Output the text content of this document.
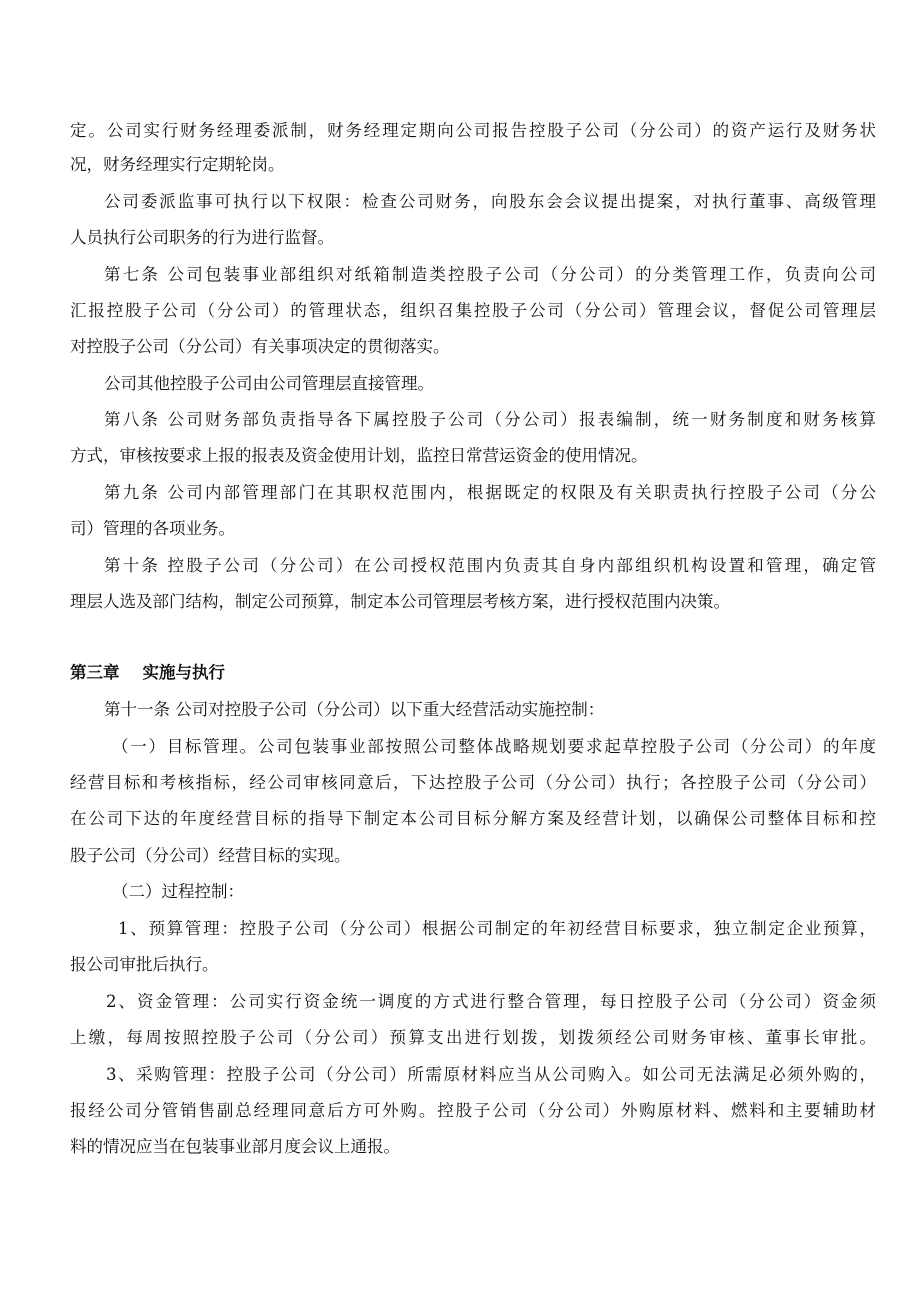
定。公司实行财务经理委派制，财务经理定期向公司报告控股子公司（分公司）的资产运行及财务状

况，财务经理实行定期轮岗。

公司委派监事可执行以下权限：检查公司财务，向股东会会议提出提案，对执行董事、高级管理

人员执行公司职务的行为进行监督。

第七条 公司包装事业部组织对纸箱制造类控股子公司（分公司）的分类管理工作，负责向公司

汇报控股子公司（分公司）的管理状态，组织召集控股子公司（分公司）管理会议，督促公司管理层

对控股子公司（分公司）有关事项决定的贯彻落实。

公司其他控股子公司由公司管理层直接管理。

第八条 公司财务部负责指导各下属控股子公司（分公司）报表编制，统一财务制度和财务核算

方式，审核按要求上报的报表及资金使用计划，监控日常营运资金的使用情况。

第九条 公司内部管理部门在其职权范围内，根据既定的权限及有关职责执行控股子公司（分公

司）管理的各项业务。

第十条 控股子公司（分公司）在公司授权范围内负责其自身内部组织机构设置和管理，确定管

理层人选及部门结构，制定公司预算，制定本公司管理层考核方案，进行授权范围内决策。

第三章    实施与执行

第十一条 公司对控股子公司（分公司）以下重大经营活动实施控制：

（一）目标管理。公司包装事业部按照公司整体战略规划要求起草控股子公司（分公司）的年度

经营目标和考核指标，经公司审核同意后，下达控股子公司（分公司）执行；各控股子公司（分公司）

在公司下达的年度经营目标的指导下制定本公司目标分解方案及经营计划，以确保公司整体目标和控

股子公司（分公司）经营目标的实现。

（二）过程控制：

1、预算管理：控股子公司（分公司）根据公司制定的年初经营目标要求，独立制定企业预算，

报公司审批后执行。

2、资金管理：公司实行资金统一调度的方式进行整合管理，每日控股子公司（分公司）资金须

上缴，每周按照控股子公司（分公司）预算支出进行划拨，划拨须经公司财务审核、董事长审批。

3、采购管理：控股子公司（分公司）所需原材料应当从公司购入。如公司无法满足必须外购的，

报经公司分管销售副总经理同意后方可外购。控股子公司（分公司）外购原材料、燃料和主要辅助材

料的情况应当在包装事业部月度会议上通报。
